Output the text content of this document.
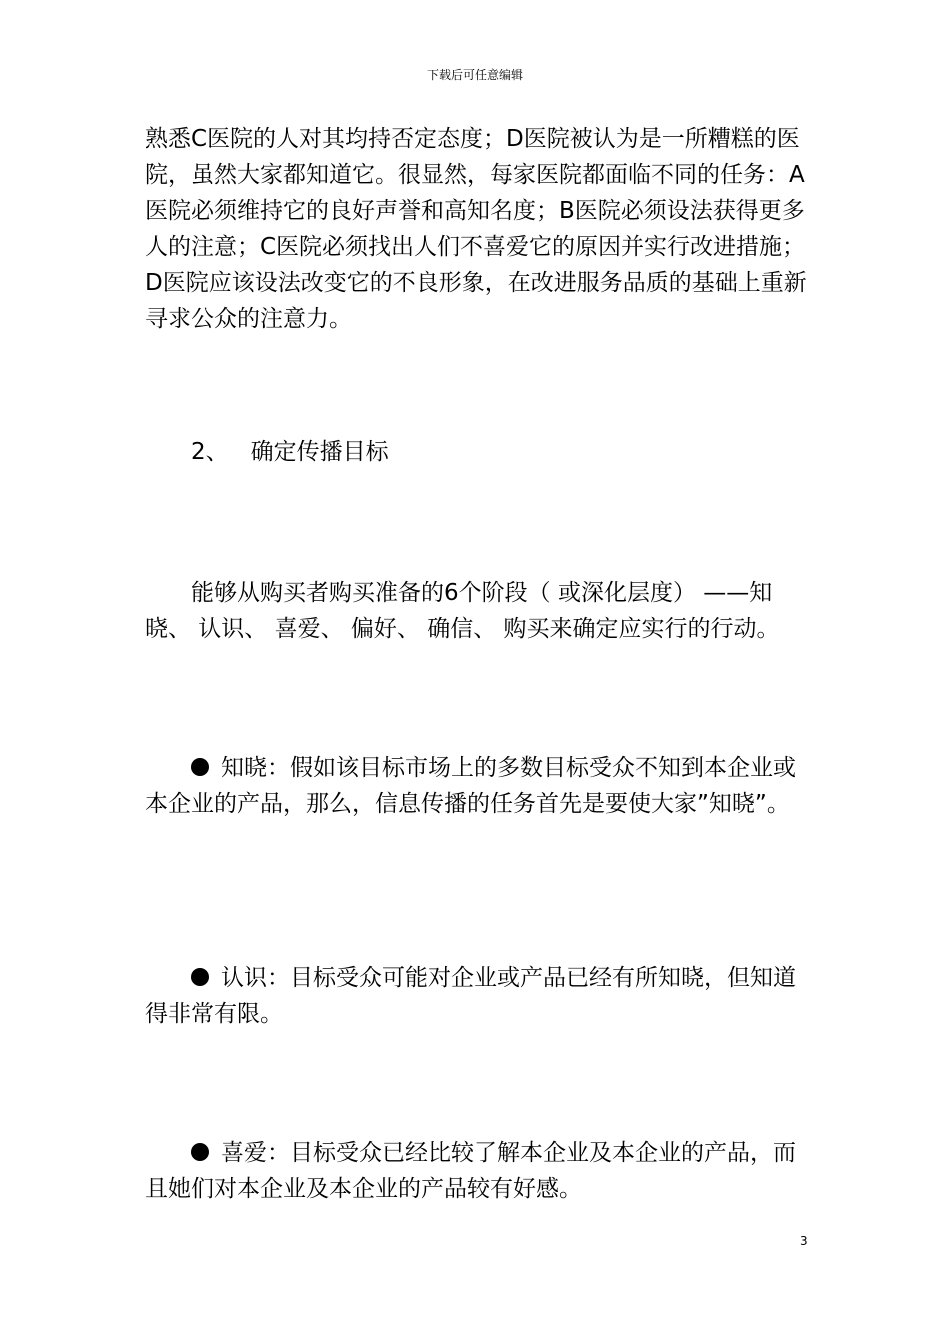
下载后可任意编辑
熟悉C医院的人对其均持否定态度；D医院被认为是一所糟糕的医院，虽然大家都知道它。很显然，每家医院都面临不同的任务：A医院必须维持它的良好声誉和高知名度；B医院必须设法获得更多人的注意；C医院必须找出人们不喜爱它的原因并实行改进措施；D医院应该设法改变它的不良形象，在改进服务品质的基础上重新寻求公众的注意力。
2、 确定传播目标
能够从购买者购买准备的6个阶段（ 或深化层度） ——知晓、 认识、 喜爱、 偏好、 确信、 购买来确定应实行的行动。
知晓：假如该目标市场上的多数目标受众不知到本企业或本企业的产品，那么，信息传播的任务首先是要使大家”知晓”。
认识：目标受众可能对企业或产品已经有所知晓，但知道得非常有限。
喜爱：目标受众已经比较了解本企业及本企业的产品，而且她们对本企业及本企业的产品较有好感。
3
